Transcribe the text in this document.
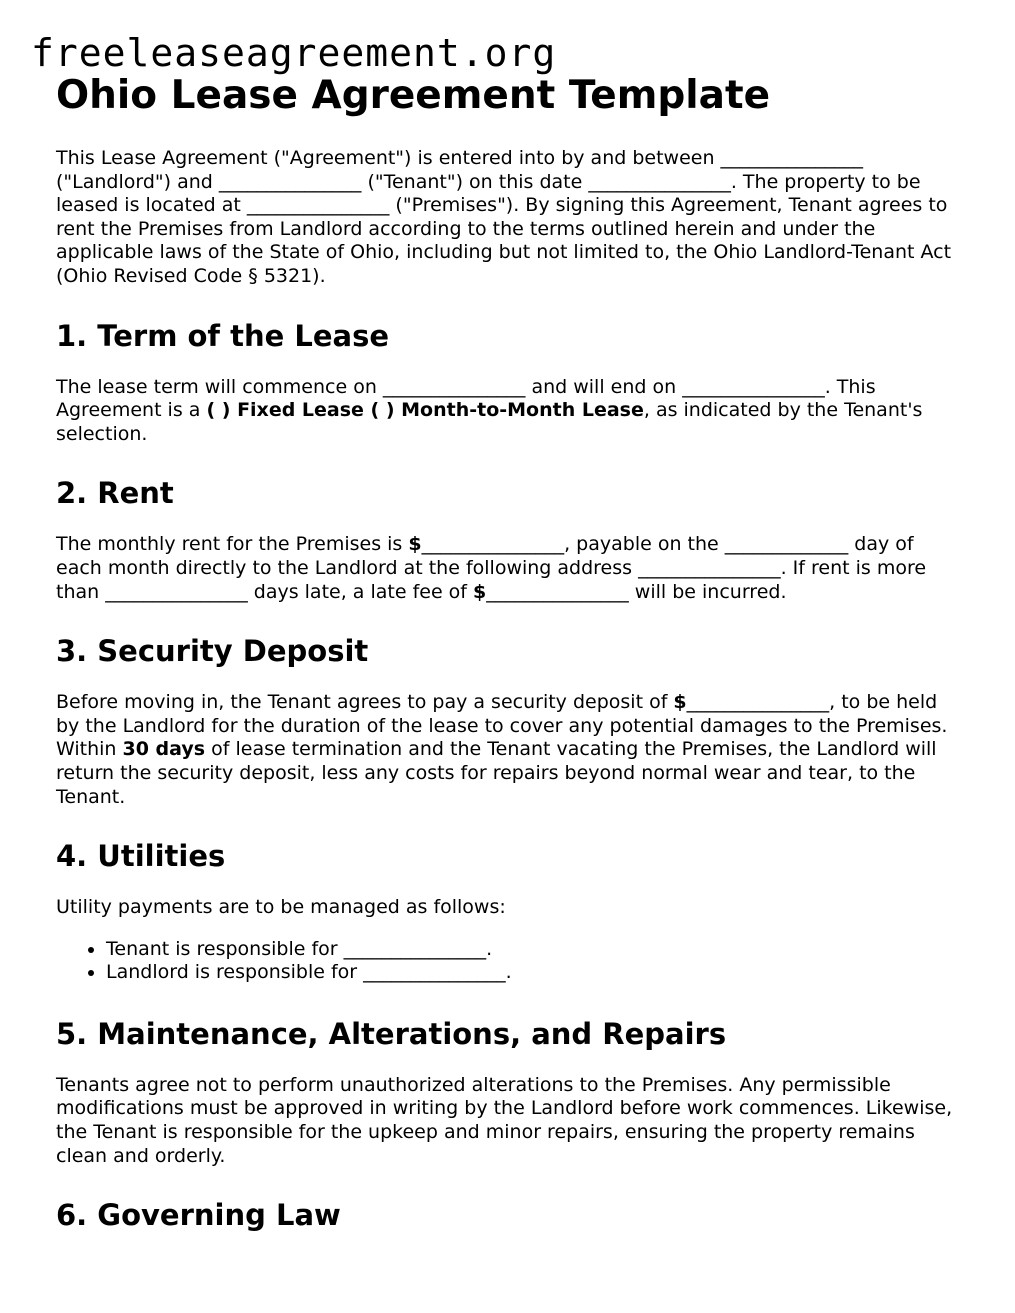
freeleaseagreement.org
Ohio Lease Agreement Template

This Lease Agreement ("Agreement") is entered into by and between _______________ ("Landlord") and _______________ ("Tenant") on this date _______________. The property to be leased is located at _______________ ("Premises"). By signing this Agreement, Tenant agrees to rent the Premises from Landlord according to the terms outlined herein and under the applicable laws of the State of Ohio, including but not limited to, the Ohio Landlord-Tenant Act (Ohio Revised Code § 5321).

1. Term of the Lease

The lease term will commence on _______________ and will end on _______________. This Agreement is a ( ) Fixed Lease ( ) Month-to-Month Lease, as indicated by the Tenant's selection.

2. Rent

The monthly rent for the Premises is $_______________, payable on the _____________ day of each month directly to the Landlord at the following address _______________. If rent is more than _______________ days late, a late fee of $_______________ will be incurred.

3. Security Deposit

Before moving in, the Tenant agrees to pay a security deposit of $_______________, to be held by the Landlord for the duration of the lease to cover any potential damages to the Premises. Within 30 days of lease termination and the Tenant vacating the Premises, the Landlord will return the security deposit, less any costs for repairs beyond normal wear and tear, to the Tenant.

4. Utilities

Utility payments are to be managed as follows:

• Tenant is responsible for _______________.
• Landlord is responsible for _______________.
5. Maintenance, Alterations, and Repairs

Tenants agree not to perform unauthorized alterations to the Premises. Any permissible modifications must be approved in writing by the Landlord before work commences. Likewise, the Tenant is responsible for the upkeep and minor repairs, ensuring the property remains clean and orderly.

6. Governing Law
